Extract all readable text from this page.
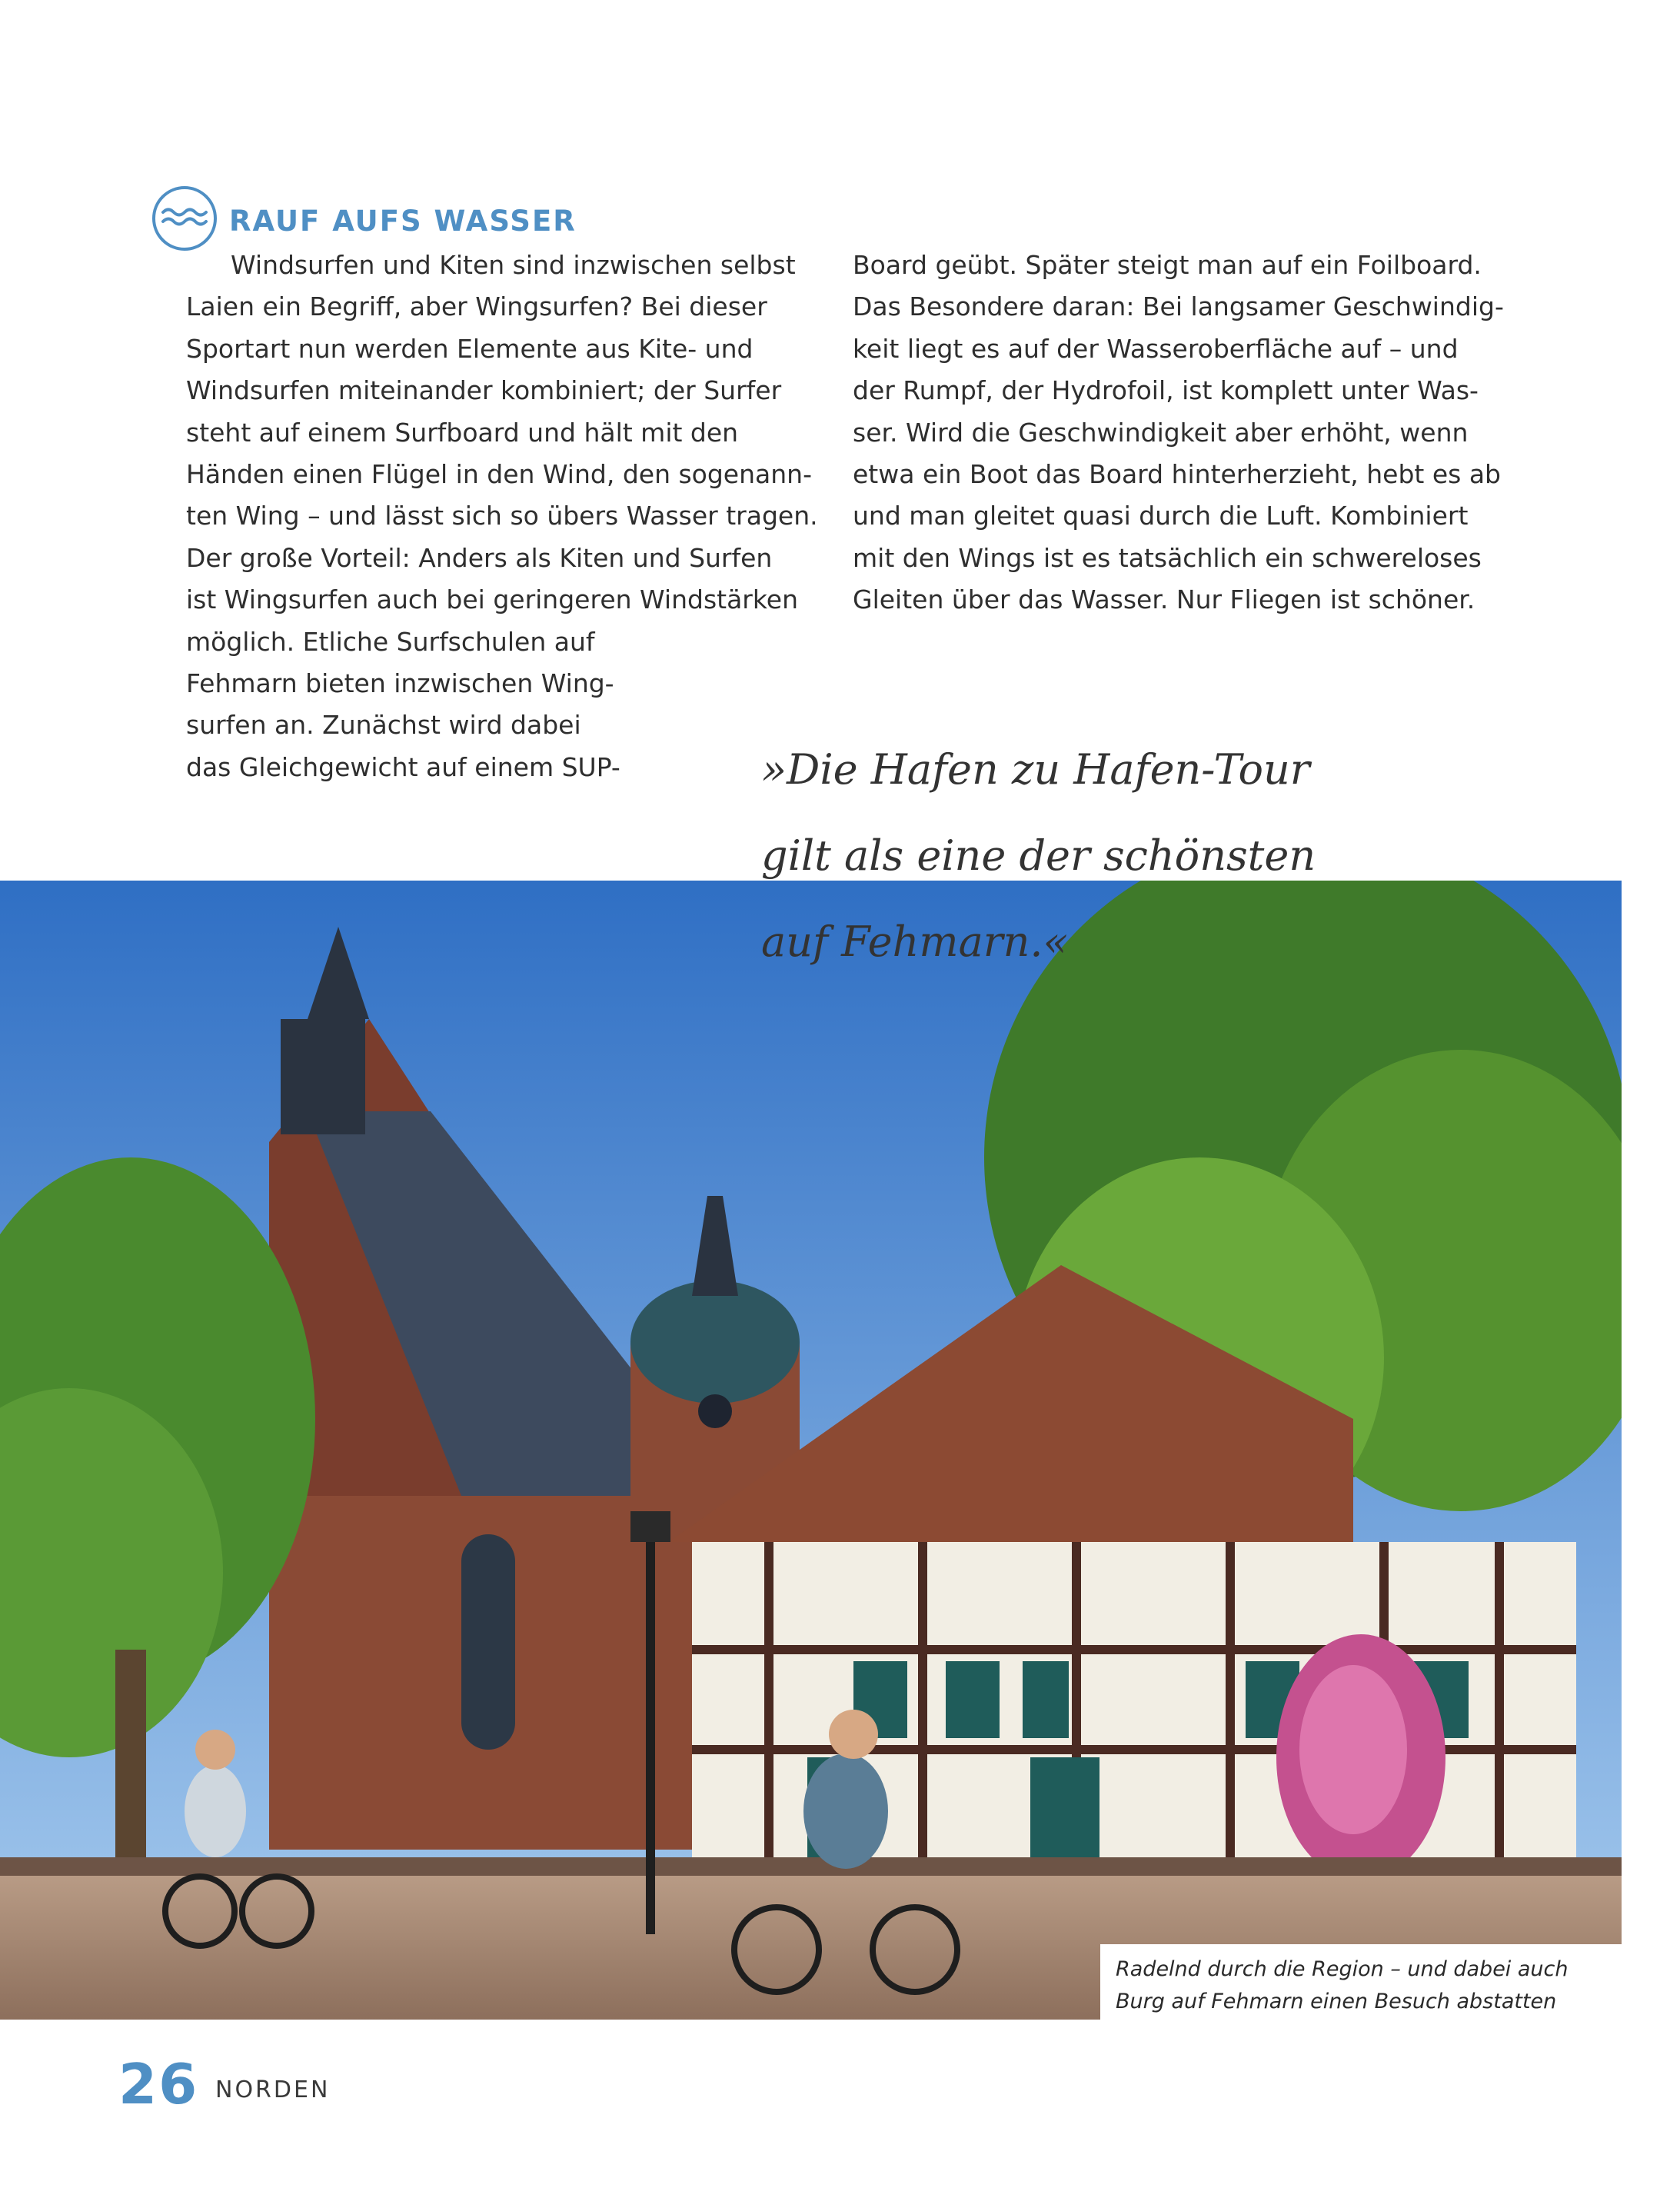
RAUF AUFS WASSER
Windsurfen und Kiten sind inzwischen selbst
Laien ein Begriff, aber Wingsurfen? Bei dieser
Sportart nun werden Elemente aus Kite- und
Windsurfen miteinander kombiniert; der Surfer
steht auf einem Surfboard und hält mit den
Händen einen Flügel in den Wind, den sogenann-
ten Wing – und lässt sich so übers Wasser tragen.
Der große Vorteil: Anders als Kiten und Surfen
ist Wingsurfen auch bei geringeren Windstärken
möglich. Etliche Surfschulen auf
Fehmarn bieten inzwischen Wing-
surfen an. Zunächst wird dabei
das Gleichgewicht auf einem SUP-
Board geübt. Später steigt man auf ein Foilboard.
Das Besondere daran: Bei langsamer Geschwindig-
keit liegt es auf der Wasseroberfläche auf – und
der Rumpf, der Hydrofoil, ist komplett unter Was-
ser. Wird die Geschwindigkeit aber erhöht, wenn
etwa ein Boot das Board hinterherzieht, hebt es ab
und man gleitet quasi durch die Luft. Kombiniert
mit den Wings ist es tatsächlich ein schwereloses
Gleiten über das Wasser. Nur Fliegen ist schöner.
»Die Hafen zu Hafen-Tour
gilt als eine der schönsten
auf Fehmarn.«
Radelnd durch die Region – und dabei auch
Burg auf Fehmarn einen Besuch abstatten
26 NORDEN
